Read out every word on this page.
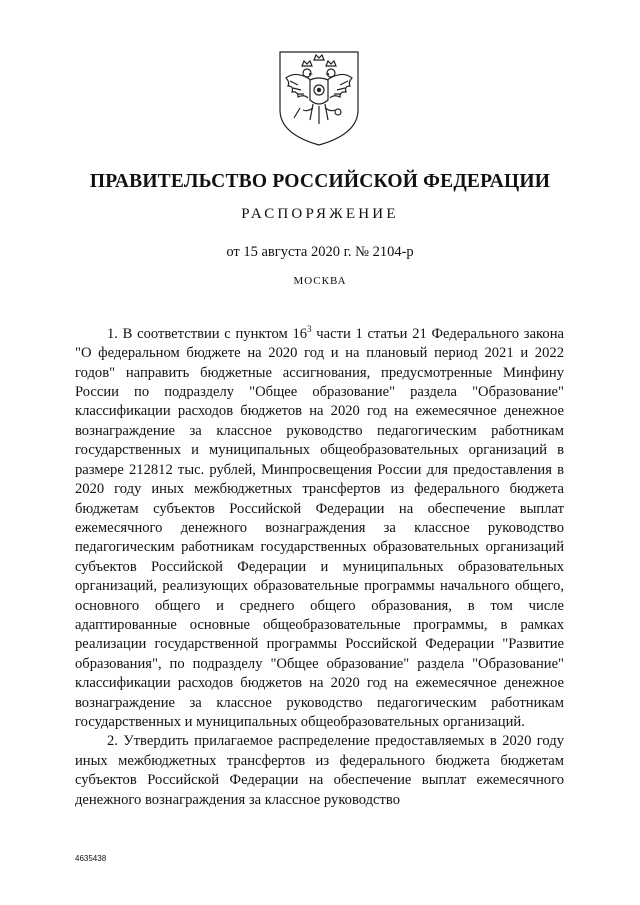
ПРАВИТЕЛЬСТВО РОССИЙСКОЙ ФЕДЕРАЦИИ
РАСПОРЯЖЕНИЕ
от 15 августа 2020 г. № 2104-р
МОСКВА

1. В соответствии с пунктом $16^3$ части 1 статьи 21 Федерального закона "О федеральном бюджете на 2020 год и на плановый период 2021 и 2022 годов" направить бюджетные ассигнования, предусмотренные Минфину России по подразделу "Общее образование" раздела "Образование" классификации расходов бюджетов на 2020 год на ежемесячное денежное вознаграждение за классное руководство педагогическим работникам государственных и муниципальных общеобразовательных организаций в размере 212812 тыс. рублей, Минпросвещения России для предоставления в 2020 году иных межбюджетных трансфертов из федерального бюджета бюджетам субъектов Российской Федерации на обеспечение выплат ежемесячного денежного вознаграждения за классное руководство педагогическим работникам государственных образовательных организаций субъектов Российской Федерации и муниципальных образовательных организаций, реализующих образовательные программы начального общего, основного общего и среднего общего образования, в том числе адаптированные основные общеобразовательные программы, в рамках реализации государственной программы Российской Федерации "Развитие образования", по подразделу "Общее образование" раздела "Образование" классификации расходов бюджетов на 2020 год на ежемесячное денежное вознаграждение за классное руководство педагогическим работникам государственных и муниципальных общеобразовательных организаций.

2. Утвердить прилагаемое распределение предоставляемых в 2020 году иных межбюджетных трансфертов из федерального бюджета бюджетам субъектов Российской Федерации на обеспечение выплат ежемесячного денежного вознаграждения за классное руководство

4635438
